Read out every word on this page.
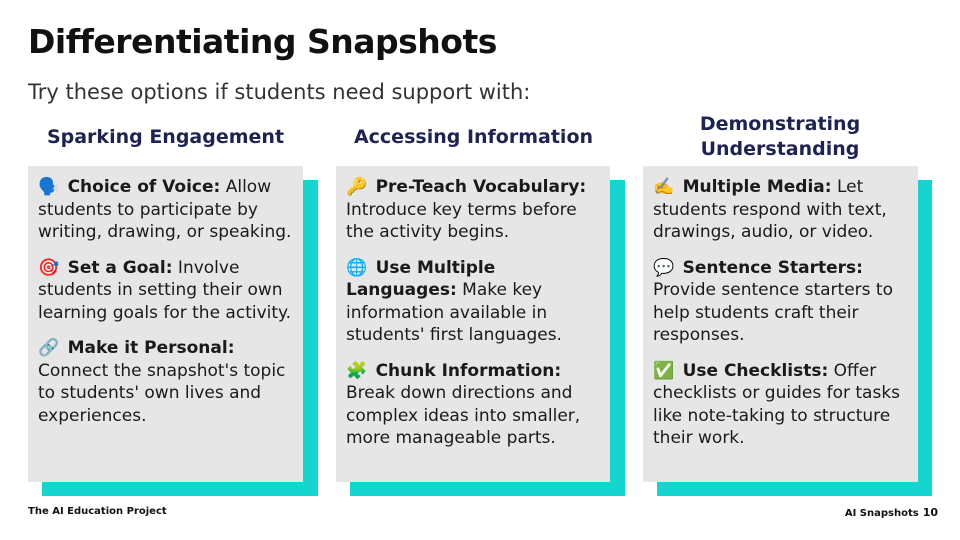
Differentiating Snapshots
Try these options if students need support with:
Sparking Engagement
🗣️ Choice of Voice: Allow students to participate by writing, drawing, or speaking.
🎯 Set a Goal: Involve students in setting their own learning goals for the activity.
🔗 Make it Personal: Connect the snapshot's topic to students' own lives and experiences.
Accessing Information
🔑 Pre-Teach Vocabulary: Introduce key terms before the activity begins.
🌐 Use Multiple Languages: Make key information available in students' first languages.
🧩 Chunk Information: Break down directions and complex ideas into smaller, more manageable parts.
Demonstrating Understanding
✍️ Multiple Media: Let students respond with text, drawings, audio, or video.
💬 Sentence Starters: Provide sentence starters to help students craft their responses.
✅ Use Checklists: Offer checklists or guides for tasks like note-taking to structure their work.
The AI Education Project	AI Snapshots 10
